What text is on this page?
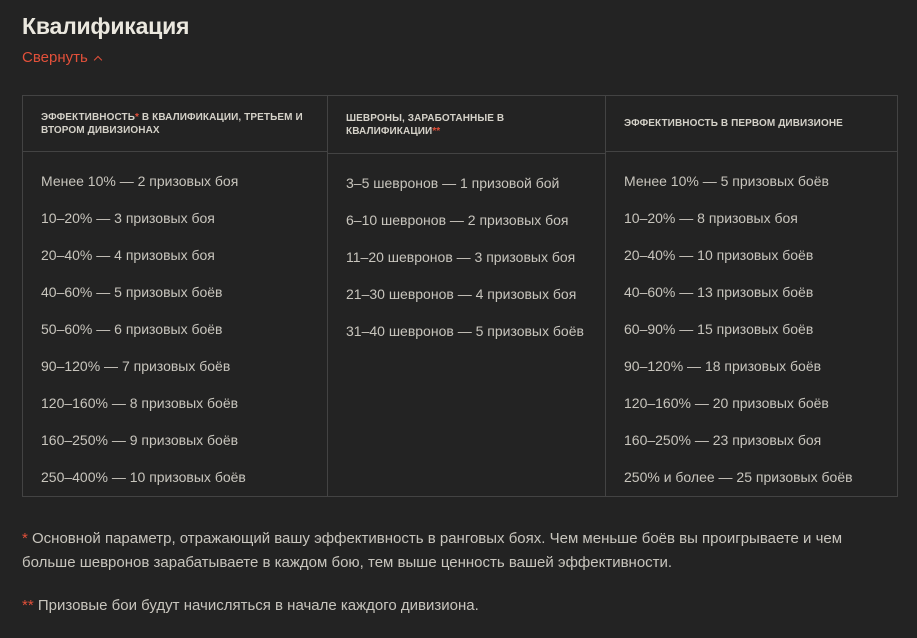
Квалификация
Свернуть
ЭФФЕКТИВНОСТЬ* В КВАЛИФИКАЦИИ, ТРЕТЬЕМ И ВТОРОМ ДИВИЗИОНАХ
Менее 10% — 2 призовых боя
10–20% — 3 призовых боя
20–40% — 4 призовых боя
40–60% — 5 призовых боёв
50–60% — 6 призовых боёв
90–120% — 7 призовых боёв
120–160% — 8 призовых боёв
160–250% — 9 призовых боёв
250–400% — 10 призовых боёв
ШЕВРОНЫ, ЗАРАБОТАННЫЕ В КВАЛИФИКАЦИИ**
3–5 шевронов — 1 призовой бой
6–10 шевронов — 2 призовых боя
11–20 шевронов — 3 призовых боя
21–30 шевронов — 4 призовых боя
31–40 шевронов — 5 призовых боёв
ЭФФЕКТИВНОСТЬ В ПЕРВОМ ДИВИЗИОНЕ
Менее 10% — 5 призовых боёв
10–20% — 8 призовых боя
20–40% — 10 призовых боёв
40–60% — 13 призовых боёв
60–90% — 15 призовых боёв
90–120% — 18 призовых боёв
120–160% — 20 призовых боёв
160–250% — 23 призовых боя
250% и более — 25 призовых боёв

* Основной параметр, отражающий вашу эффективность в ранговых боях. Чем меньше боёв вы проигрываете и чем больше шевронов зарабатываете в каждом бою, тем выше ценность вашей эффективности.

** Призовые бои будут начисляться в начале каждого дивизиона.
